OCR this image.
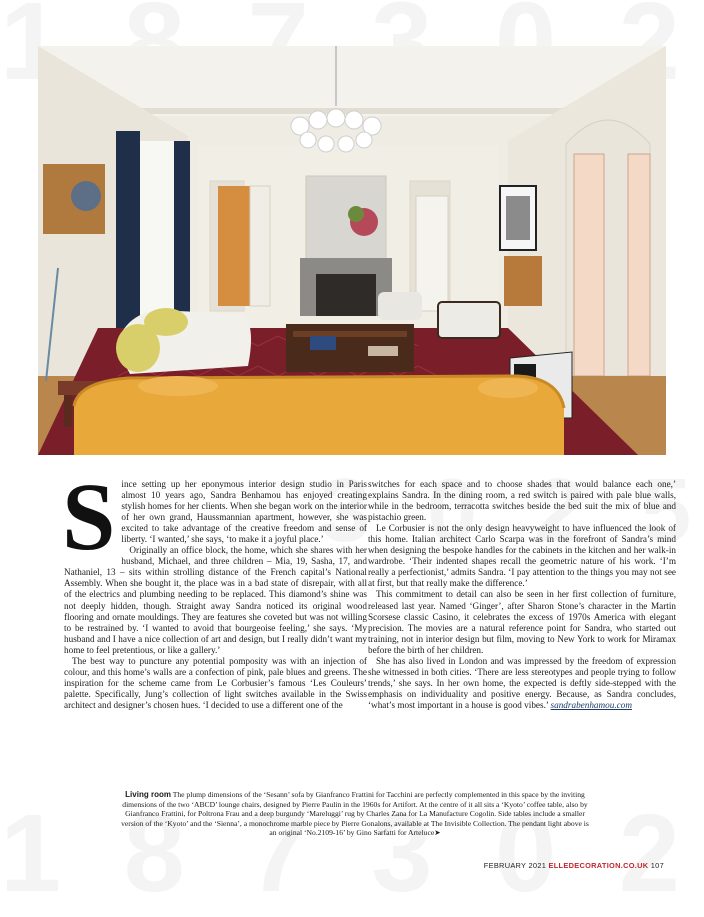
Since setting up her eponymous interior design studio in Paris almost 10 years ago, Sandra Benhamou has enjoyed creating stylish homes for her clients. When she began work on the interior of her own grand, Haussmannian apartment, however, she was excited to take advantage of the creative freedom and sense of liberty. ‘I wanted,’ she says, ‘to make it a joyful place.’

Originally an office block, the home, which she shares with her husband, Michael, and three children – Mia, 19, Sasha, 17, and Nathaniel, 13 – sits within strolling distance of the French capital’s National Assembly. When she bought it, the place was in a bad state of disrepair, with all of the electrics and plumbing needing to be replaced. This diamond’s shine was not deeply hidden, though. Straight away Sandra noticed its original wood flooring and ornate mouldings. They are features she coveted but was not willing to be restrained by. ‘I wanted to avoid that bourgeoise feeling,’ she says. ‘My husband and I have a nice collection of art and design, but I really didn’t want my home to feel pretentious, or like a gallery.’

The best way to puncture any potential pomposity was with an injection of colour, and this home’s walls are a confection of pink, pale blues and greens. The inspiration for the scheme came from Le Corbusier’s famous ‘Les Couleurs’ palette. Specifically, Jung’s collection of light switches available in the Swiss architect and designer’s chosen hues. ‘I decided to use a different one of the

switches for each space and to choose shades that would balance each one,’ explains Sandra. In the dining room, a red switch is paired with pale blue walls, while in the bedroom, terracotta switches beside the bed suit the mix of blue and pistachio green.

Le Corbusier is not the only design heavyweight to have influenced the look of this home. Italian architect Carlo Scarpa was in the forefront of Sandra’s mind when designing the bespoke handles for the cabinets in the kitchen and her walk-in wardrobe. ‘Their indented shapes recall the geometric nature of his work. ‘I’m really a perfectionist,’ admits Sandra. ‘I pay attention to the things you may not see at first, but that really make the difference.’

This commitment to detail can also be seen in her first collection of furniture, released last year. Named ‘Ginger’, after Sharon Stone’s character in the Martin Scorsese classic Casino, it celebrates the excess of 1970s America with elegant precision. The movies are a natural reference point for Sandra, who started out training, not in interior design but film, moving to New York to work for Miramax before the birth of her children.

She has also lived in London and was impressed by the freedom of expression she witnessed in both cities. ‘There are less stereotypes and people trying to follow trends,’ she says. In her own home, the expected is deftly side-stepped with the emphasis on individuality and positive energy. Because, as Sandra concludes, ‘what’s most important in a house is good vibes.’ sandrabenhamou.com

Living room The plump dimensions of the ‘Sesann’ sofa by Gianfranco Frattini for Tacchini are perfectly complemented in this space by the inviting dimensions of the two ‘ABCD’ lounge chairs, designed by Pierre Paulin in the 1960s for Artifort. At the centre of it all sits a ‘Kyoto’ coffee table, also by Gianfranco Frattini, for Poltrona Frau and a deep burgundy ‘Mareluggi’ rug by Charles Zana for La Manufacture Cogolin. Side tables include a smaller version of the ‘Kyoto’ and the ‘Sienna’, a monochrome marble piece by Pierre Gonalons, available at The Invisible Collection. The pendant light above is an original ‘No.2109-16’ by Gino Sarfatti for Arteluce➤
FEBRUARY 2021 ELLEDECORATION.CO.UK 107
